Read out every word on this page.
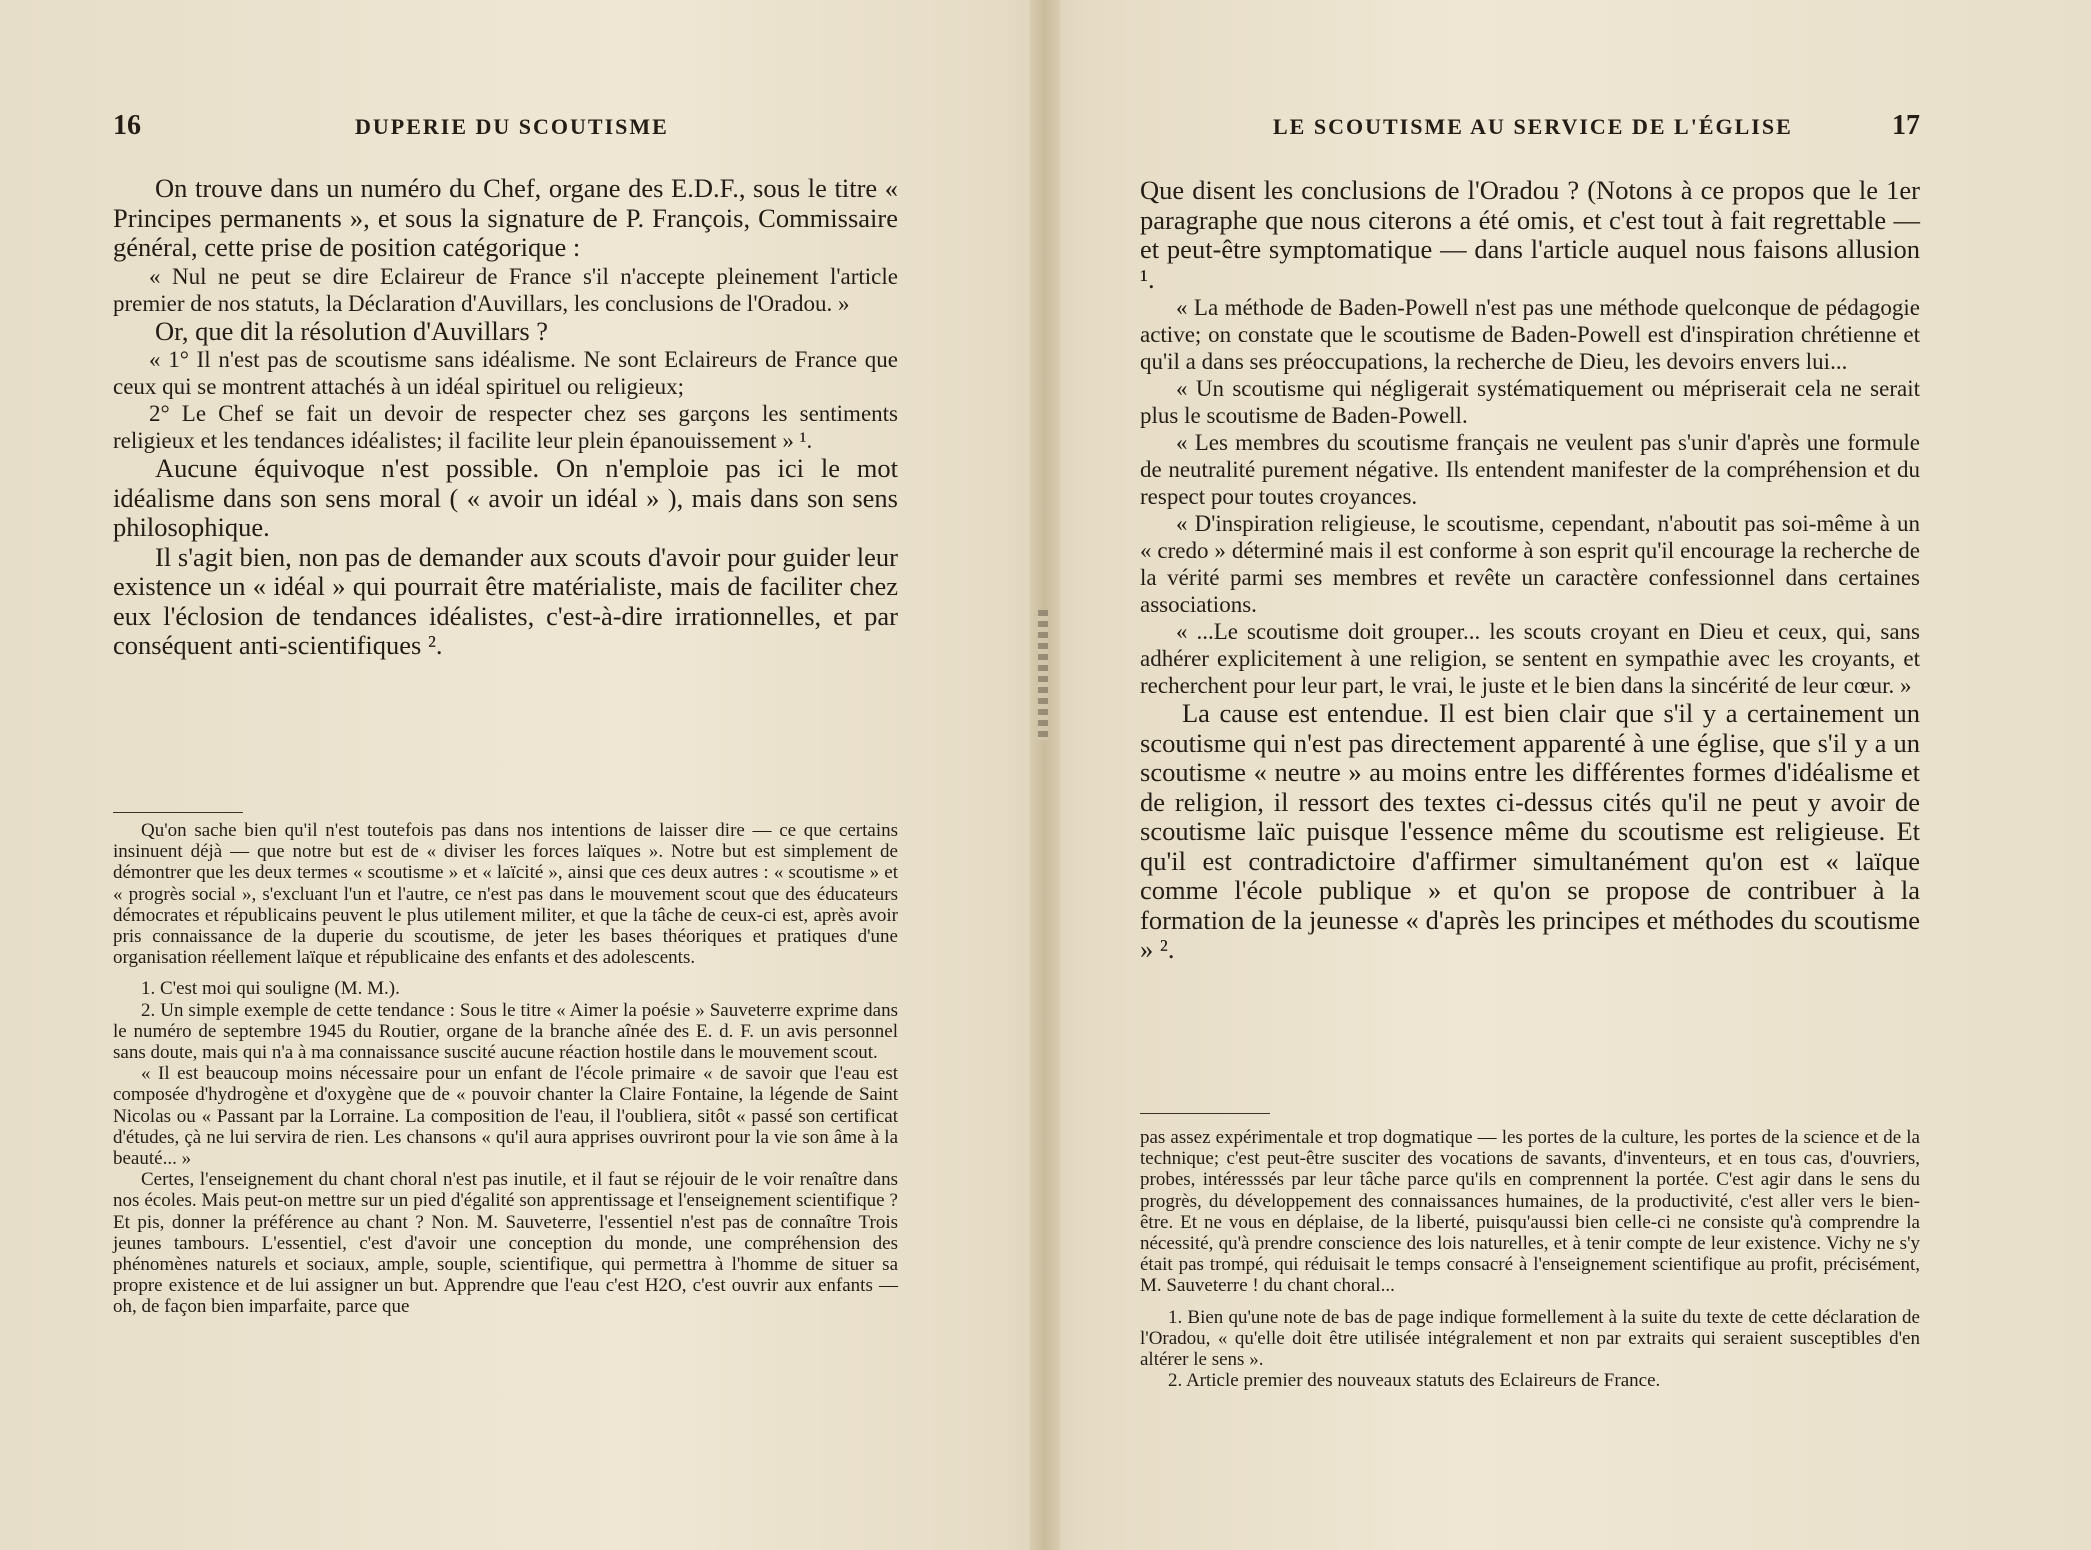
16	DUPERIE DU SCOUTISME

On trouve dans un numéro du Chef, organe des E.D.F., sous le titre « Principes permanents », et sous la signature de P. François, Commissaire général, cette prise de position catégorique :

« Nul ne peut se dire Eclaireur de France s'il n'accepte pleinement l'article premier de nos statuts, la Déclaration d'Auvillars, les conclusions de l'Oradou. »

Or, que dit la résolution d'Auvillars ?

« 1° Il n'est pas de scoutisme sans idéalisme. Ne sont Eclaireurs de France que ceux qui se montrent attachés à un idéal spirituel ou religieux;

2° Le Chef se fait un devoir de respecter chez ses garçons les sentiments religieux et les tendances idéalistes; il facilite leur plein épanouissement » ¹.

Aucune équivoque n'est possible. On n'emploie pas ici le mot idéalisme dans son sens moral ( « avoir un idéal » ), mais dans son sens philosophique.

Il s'agit bien, non pas de demander aux scouts d'avoir pour guider leur existence un « idéal » qui pourrait être matérialiste, mais de faciliter chez eux l'éclosion de tendances idéalistes, c'est-à-dire irrationnelles, et par conséquent anti-scientifiques ².

Qu'on sache bien qu'il n'est toutefois pas dans nos intentions de laisser dire — ce que certains insinuent déjà — que notre but est de « diviser les forces laïques ». Notre but est simplement de démontrer que les deux termes « scoutisme » et « laïcité », ainsi que ces deux autres : « scoutisme » et « progrès social », s'excluant l'un et l'autre, ce n'est pas dans le mouvement scout que des éducateurs démocrates et républicains peuvent le plus utilement militer, et que la tâche de ceux-ci est, après avoir pris connaissance de la duperie du scoutisme, de jeter les bases théoriques et pratiques d'une organisation réellement laïque et républicaine des enfants et des adolescents.

1. C'est moi qui souligne (M. M.).

2. Un simple exemple de cette tendance : Sous le titre « Aimer la poésie » Sauveterre exprime dans le numéro de septembre 1945 du Routier, organe de la branche aînée des E. d. F. un avis personnel sans doute, mais qui n'a à ma connaissance suscité aucune réaction hostile dans le mouvement scout.

« Il est beaucoup moins nécessaire pour un enfant de l'école primaire « de savoir que l'eau est composée d'hydrogène et d'oxygène que de « pouvoir chanter la Claire Fontaine, la légende de Saint Nicolas ou « Passant par la Lorraine. La composition de l'eau, il l'oubliera, sitôt « passé son certificat d'études, çà ne lui servira de rien. Les chansons « qu'il aura apprises ouvriront pour la vie son âme à la beauté... »

Certes, l'enseignement du chant choral n'est pas inutile, et il faut se réjouir de le voir renaître dans nos écoles. Mais peut-on mettre sur un pied d'égalité son apprentissage et l'enseignement scientifique ? Et pis, donner la préférence au chant ? Non. M. Sauveterre, l'essentiel n'est pas de connaître Trois jeunes tambours. L'essentiel, c'est d'avoir une conception du monde, une compréhension des phénomènes naturels et sociaux, ample, souple, scientifique, qui permettra à l'homme de situer sa propre existence et de lui assigner un but. Apprendre que l'eau c'est H2O, c'est ouvrir aux enfants — oh, de façon bien imparfaite, parce que

LE SCOUTISME AU SERVICE DE L'ÉGLISE	17

Que disent les conclusions de l'Oradou ? (Notons à ce propos que le 1er paragraphe que nous citerons a été omis, et c'est tout à fait regrettable — et peut-être symptomatique — dans l'article auquel nous faisons allusion ¹.

« La méthode de Baden-Powell n'est pas une méthode quelconque de pédagogie active; on constate que le scoutisme de Baden-Powell est d'inspiration chrétienne et qu'il a dans ses préoccupations, la recherche de Dieu, les devoirs envers lui...

« Un scoutisme qui négligerait systématiquement ou mépriserait cela ne serait plus le scoutisme de Baden-Powell.

« Les membres du scoutisme français ne veulent pas s'unir d'après une formule de neutralité purement négative. Ils entendent manifester de la compréhension et du respect pour toutes croyances.

« D'inspiration religieuse, le scoutisme, cependant, n'aboutit pas soi-même à un « credo » déterminé mais il est conforme à son esprit qu'il encourage la recherche de la vérité parmi ses membres et revête un caractère confessionnel dans certaines associations.

« ...Le scoutisme doit grouper... les scouts croyant en Dieu et ceux, qui, sans adhérer explicitement à une religion, se sentent en sympathie avec les croyants, et recherchent pour leur part, le vrai, le juste et le bien dans la sincérité de leur cœur. »

La cause est entendue. Il est bien clair que s'il y a certainement un scoutisme qui n'est pas directement apparenté à une église, que s'il y a un scoutisme « neutre » au moins entre les différentes formes d'idéalisme et de religion, il ressort des textes ci-dessus cités qu'il ne peut y avoir de scoutisme laïc puisque l'essence même du scoutisme est religieuse. Et qu'il est contradictoire d'affirmer simultanément qu'on est « laïque comme l'école publique » et qu'on se propose de contribuer à la formation de la jeunesse « d'après les principes et méthodes du scoutisme » ².

pas assez expérimentale et trop dogmatique — les portes de la culture, les portes de la science et de la technique; c'est peut-être susciter des vocations de savants, d'inventeurs, et en tous cas, d'ouvriers, probes, intéresssés par leur tâche parce qu'ils en comprennent la portée. C'est agir dans le sens du progrès, du développement des connaissances humaines, de la productivité, c'est aller vers le bien-être. Et ne vous en déplaise, de la liberté, puisqu'aussi bien celle-ci ne consiste qu'à comprendre la nécessité, qu'à prendre conscience des lois naturelles, et à tenir compte de leur existence. Vichy ne s'y était pas trompé, qui réduisait le temps consacré à l'enseignement scientifique au profit, précisément, M. Sauveterre ! du chant choral...

1. Bien qu'une note de bas de page indique formellement à la suite du texte de cette déclaration de l'Oradou, « qu'elle doit être utilisée intégralement et non par extraits qui seraient susceptibles d'en altérer le sens ».

2. Article premier des nouveaux statuts des Eclaireurs de France.
